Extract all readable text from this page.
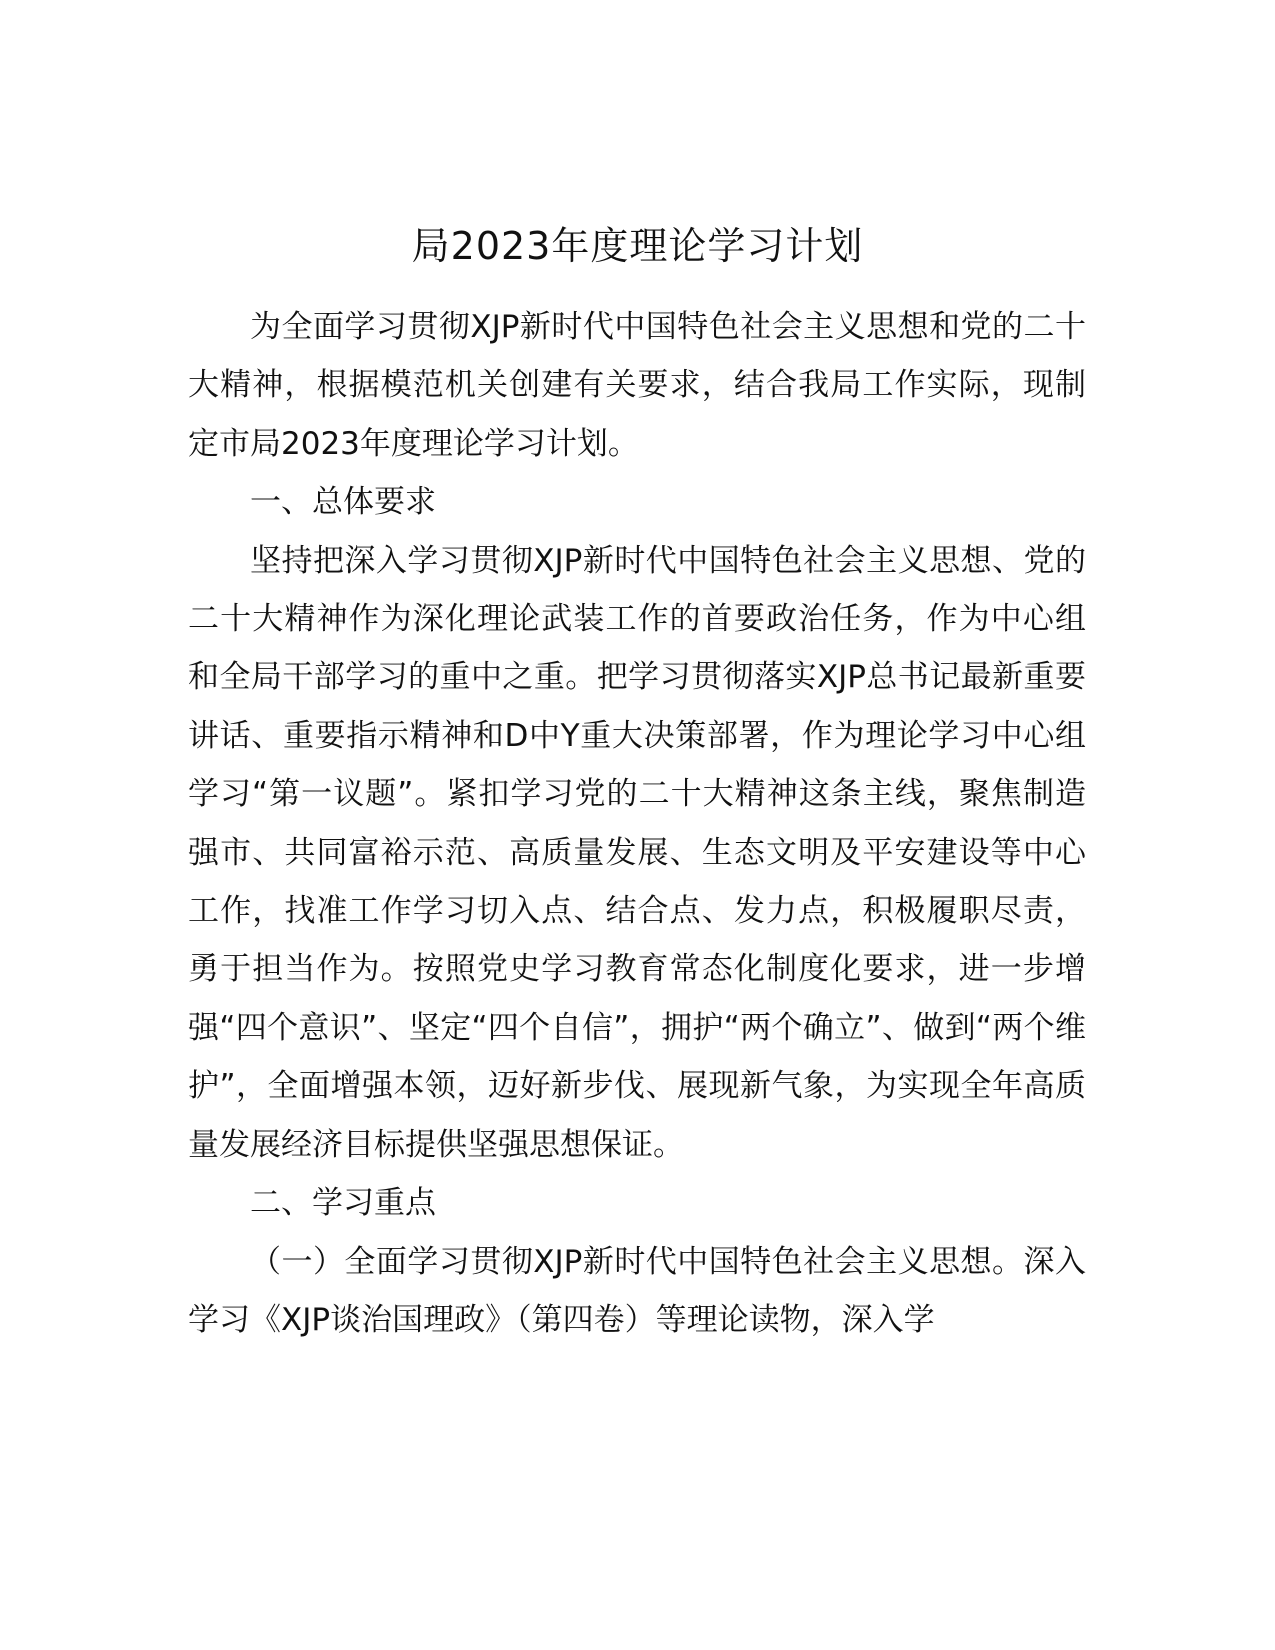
局2023年度理论学习计划

为全面学习贯彻XJP新时代中国特色社会主义思想和党的二十大精神，根据模范机关创建有关要求，结合我局工作实际，现制定市局2023年度理论学习计划。

一、总体要求

坚持把深入学习贯彻XJP新时代中国特色社会主义思想、党的二十大精神作为深化理论武装工作的首要政治任务，作为中心组和全局干部学习的重中之重。把学习贯彻落实XJP总书记最新重要讲话、重要指示精神和D中Y重大决策部署，作为理论学习中心组学习“第一议题”。紧扣学习党的二十大精神这条主线，聚焦制造强市、共同富裕示范、高质量发展、生态文明及平安建设等中心工作，找准工作学习切入点、结合点、发力点，积极履职尽责，勇于担当作为。按照党史学习教育常态化制度化要求，进一步增强“四个意识”、坚定“四个自信”，拥护“两个确立”、做到“两个维护”，全面增强本领，迈好新步伐、展现新气象，为实现全年高质量发展经济目标提供坚强思想保证。

二、学习重点

（一）全面学习贯彻XJP新时代中国特色社会主义思想。深入学习《XJP谈治国理政》（第四卷）等理论读物，深入学
